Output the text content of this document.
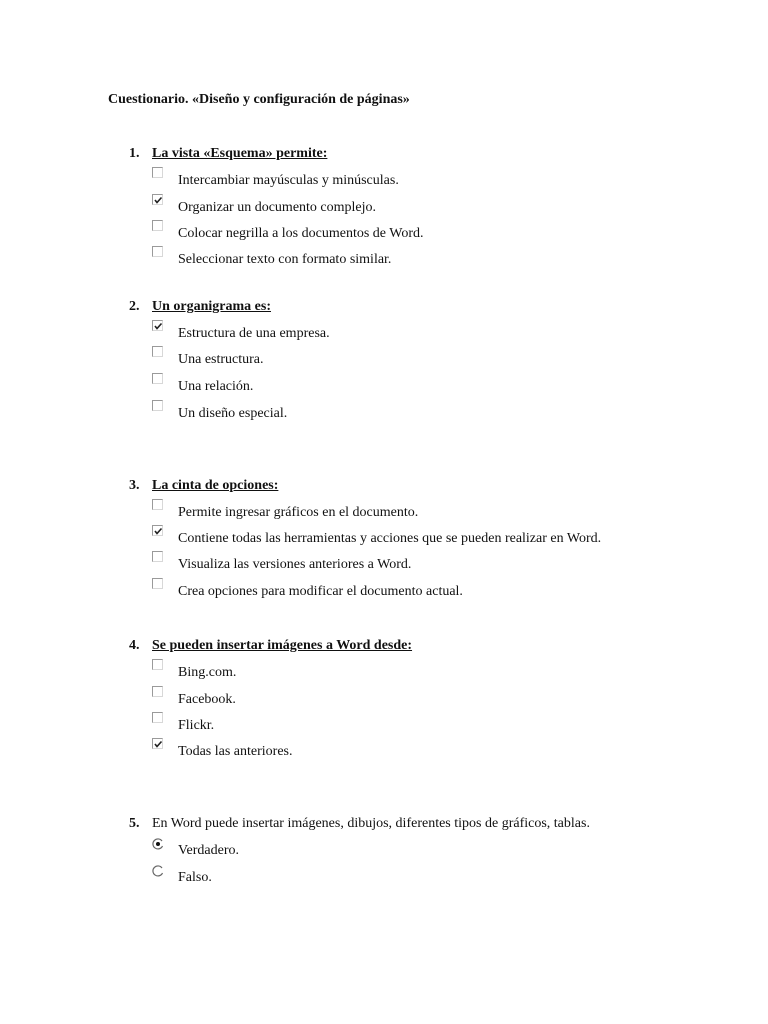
Cuestionario. «Diseño y configuración de páginas»
1. La vista «Esquema» permite:
Intercambiar mayúsculas y minúsculas.
Organizar un documento complejo.
Colocar negrilla a los documentos de Word.
Seleccionar texto con formato similar.
2. Un organigrama es:
Estructura de una empresa.
Una estructura.
Una relación.
Un diseño especial.
3. La cinta de opciones:
Permite ingresar gráficos en el documento.
Contiene todas las herramientas y acciones que se pueden realizar en Word.
Visualiza las versiones anteriores a Word.
Crea opciones para modificar el documento actual.
4. Se pueden insertar imágenes a Word desde:
Bing.com.
Facebook.
Flickr.
Todas las anteriores.
5. En Word puede insertar imágenes, dibujos, diferentes tipos de gráficos, tablas.
Verdadero.
Falso.
